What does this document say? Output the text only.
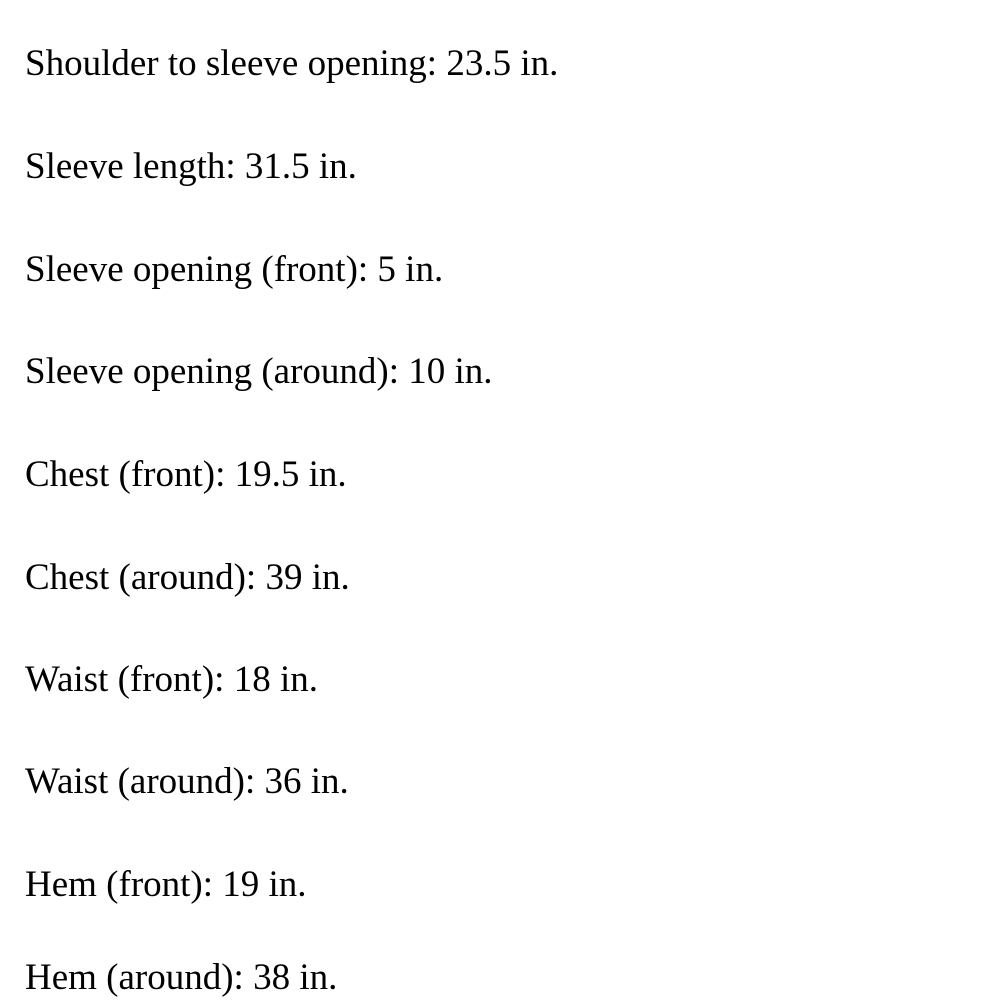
Shoulder to sleeve opening: 23.5 in.
Sleeve length: 31.5 in.
Sleeve opening (front): 5 in.
Sleeve opening (around): 10 in.
Chest (front): 19.5 in.
Chest (around): 39 in.
Waist (front): 18 in.
Waist (around): 36 in.
Hem (front): 19 in.
Hem (around): 38 in.
